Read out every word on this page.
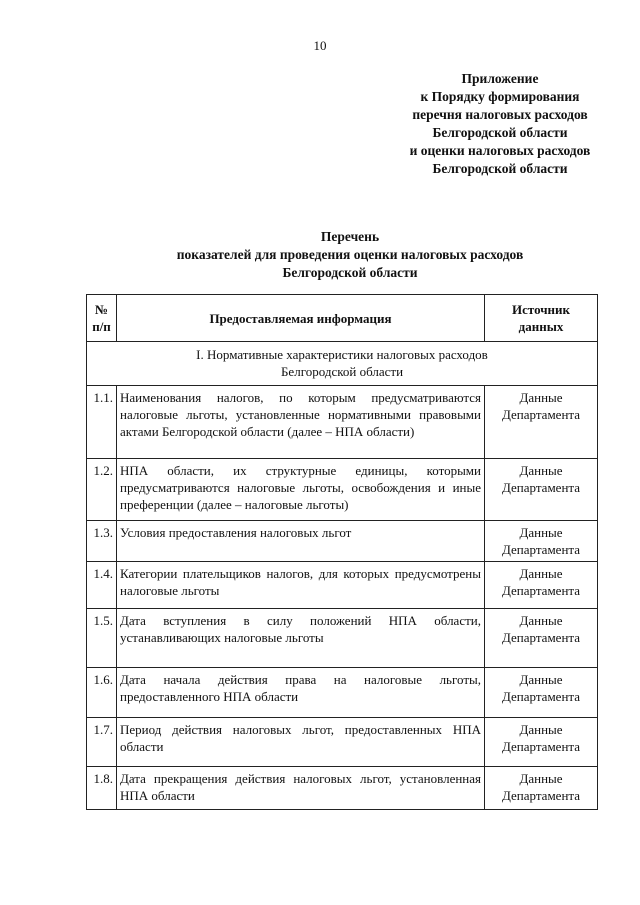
10
Приложение
к Порядку формирования
перечня налоговых расходов
Белгородской области
и оценки налоговых расходов
Белгородской области
Перечень
показателей для проведения оценки налоговых расходов
Белгородской области
№
п/п	Предоставляемая информация	Источник
данных

I. Нормативные характеристики налоговых расходов
Белгородской области		

1.1.	Наименования налогов, по которым предусматриваются налоговые льготы, установленные нормативными правовыми актами Белгородской области (далее – НПА области)	Данные
Департамента

1.2.	НПА области, их структурные единицы, которыми предусматриваются налоговые льготы, освобождения и иные преференции (далее – налоговые льготы)	Данные
Департамента

1.3.	Условия предоставления налоговых льгот	Данные
Департамента

1.4.	Категории плательщиков налогов, для которых предусмотрены налоговые льготы	Данные
Департамента

1.5.	Дата вступления в силу положений НПА области, устанавливающих налоговые льготы	Данные
Департамента

1.6.	Дата начала действия права на налоговые льготы, предоставленного НПА области	Данные
Департамента

1.7.	Период действия налоговых льгот, предоставленных НПА области	Данные
Департамента

1.8.	Дата прекращения действия налоговых льгот, установленная НПА области	Данные
Департамента
